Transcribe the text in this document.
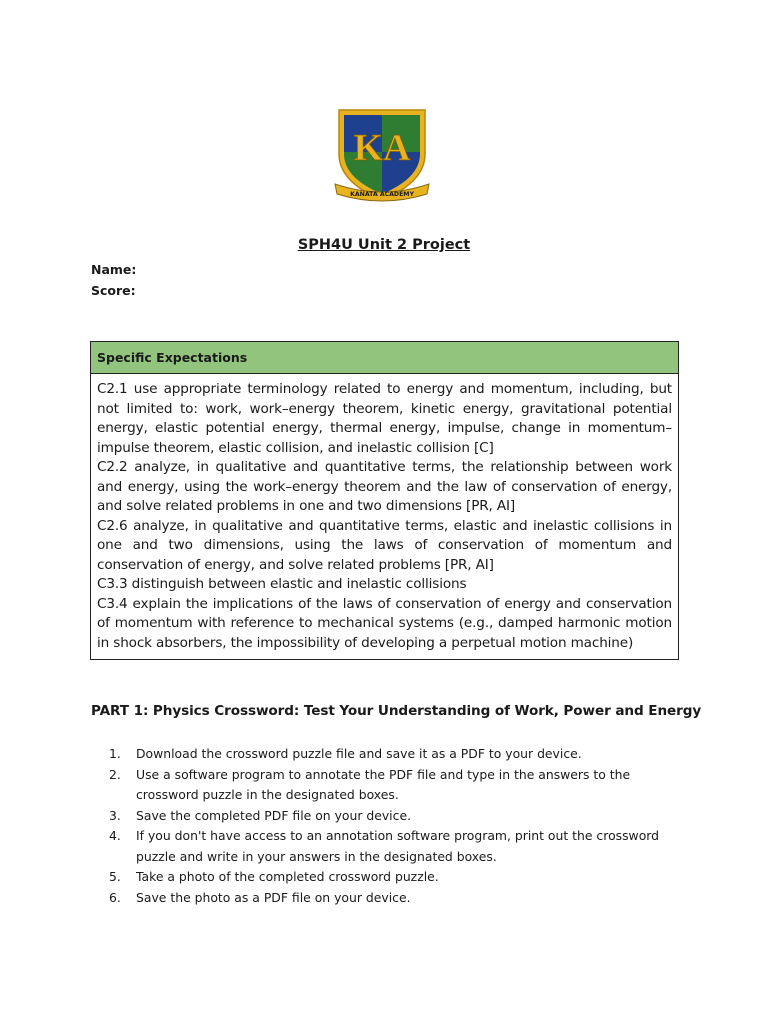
KA
KANATA ACADEMY
SPH4U Unit 2 Project

Name:

Score:

Specific Expectations

C2.1 use appropriate terminology related to energy and momentum, including, but not limited to: work, work–energy theorem, kinetic energy, gravitational potential energy, elastic potential energy, thermal energy, impulse, change in momentum–impulse theorem, elastic collision, and inelastic collision [C]

C2.2 analyze, in qualitative and quantitative terms, the relationship between work and energy, using the work–energy theorem and the law of conservation of energy, and solve related problems in one and two dimensions [PR, AI]

C2.6 analyze, in qualitative and quantitative terms, elastic and inelastic collisions in one and two dimensions, using the laws of conservation of momentum and conservation of energy, and solve related problems [PR, AI]

C3.3 distinguish between elastic and inelastic collisions

C3.4 explain the implications of the laws of conservation of energy and conservation of momentum with reference to mechanical systems (e.g., damped harmonic motion in shock absorbers, the impossibility of developing a perpetual motion machine)

PART 1: Physics Crossword: Test Your Understanding of Work, Power and Energy
1. Download the crossword puzzle file and save it as a PDF to your device.
2. Use a software program to annotate the PDF file and type in the answers to the crossword puzzle in the designated boxes.
3. Save the completed PDF file on your device.
4. If you don't have access to an annotation software program, print out the crossword puzzle and write in your answers in the designated boxes.
5. Take a photo of the completed crossword puzzle.
6. Save the photo as a PDF file on your device.
